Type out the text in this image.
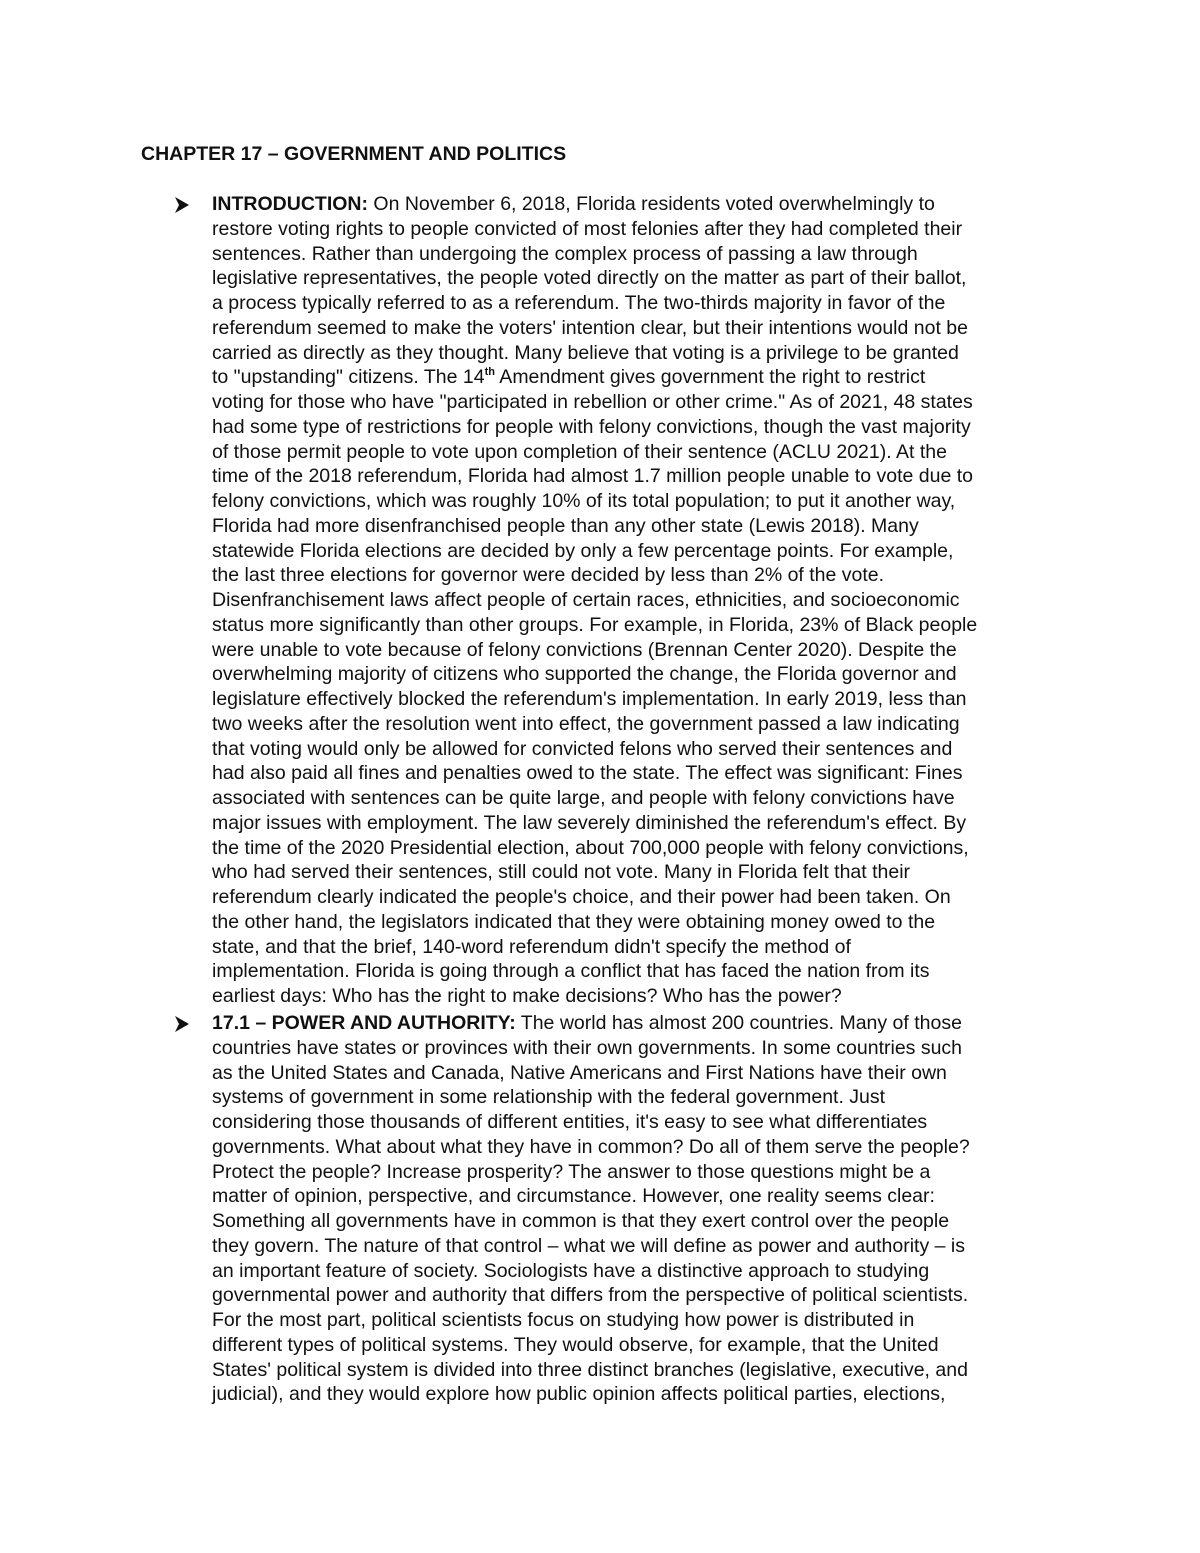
CHAPTER 17 – GOVERNMENT AND POLITICS

INTRODUCTION: On November 6, 2018, Florida residents voted overwhelmingly to
restore voting rights to people convicted of most felonies after they had completed their
sentences. Rather than undergoing the complex process of passing a law through
legislative representatives, the people voted directly on the matter as part of their ballot,
a process typically referred to as a referendum. The two-thirds majority in favor of the
referendum seemed to make the voters' intention clear, but their intentions would not be
carried as directly as they thought. Many believe that voting is a privilege to be granted
to "upstanding" citizens. The 14th Amendment gives government the right to restrict
voting for those who have "participated in rebellion or other crime." As of 2021, 48 states
had some type of restrictions for people with felony convictions, though the vast majority
of those permit people to vote upon completion of their sentence (ACLU 2021). At the
time of the 2018 referendum, Florida had almost 1.7 million people unable to vote due to
felony convictions, which was roughly 10% of its total population; to put it another way,
Florida had more disenfranchised people than any other state (Lewis 2018). Many
statewide Florida elections are decided by only a few percentage points. For example,
the last three elections for governor were decided by less than 2% of the vote.
Disenfranchisement laws affect people of certain races, ethnicities, and socioeconomic
status more significantly than other groups. For example, in Florida, 23% of Black people
were unable to vote because of felony convictions (Brennan Center 2020). Despite the
overwhelming majority of citizens who supported the change, the Florida governor and
legislature effectively blocked the referendum's implementation. In early 2019, less than
two weeks after the resolution went into effect, the government passed a law indicating
that voting would only be allowed for convicted felons who served their sentences and
had also paid all fines and penalties owed to the state. The effect was significant: Fines
associated with sentences can be quite large, and people with felony convictions have
major issues with employment. The law severely diminished the referendum's effect. By
the time of the 2020 Presidential election, about 700,000 people with felony convictions,
who had served their sentences, still could not vote. Many in Florida felt that their
referendum clearly indicated the people's choice, and their power had been taken. On
the other hand, the legislators indicated that they were obtaining money owed to the
state, and that the brief, 140-word referendum didn't specify the method of
implementation. Florida is going through a conflict that has faced the nation from its
earliest days: Who has the right to make decisions? Who has the power?

17.1 – POWER AND AUTHORITY: The world has almost 200 countries. Many of those
countries have states or provinces with their own governments. In some countries such
as the United States and Canada, Native Americans and First Nations have their own
systems of government in some relationship with the federal government. Just
considering those thousands of different entities, it's easy to see what differentiates
governments. What about what they have in common? Do all of them serve the people?
Protect the people? Increase prosperity? The answer to those questions might be a
matter of opinion, perspective, and circumstance. However, one reality seems clear:
Something all governments have in common is that they exert control over the people
they govern. The nature of that control – what we will define as power and authority – is
an important feature of society. Sociologists have a distinctive approach to studying
governmental power and authority that differs from the perspective of political scientists.
For the most part, political scientists focus on studying how power is distributed in
different types of political systems. They would observe, for example, that the United
States' political system is divided into three distinct branches (legislative, executive, and
judicial), and they would explore how public opinion affects political parties, elections,
